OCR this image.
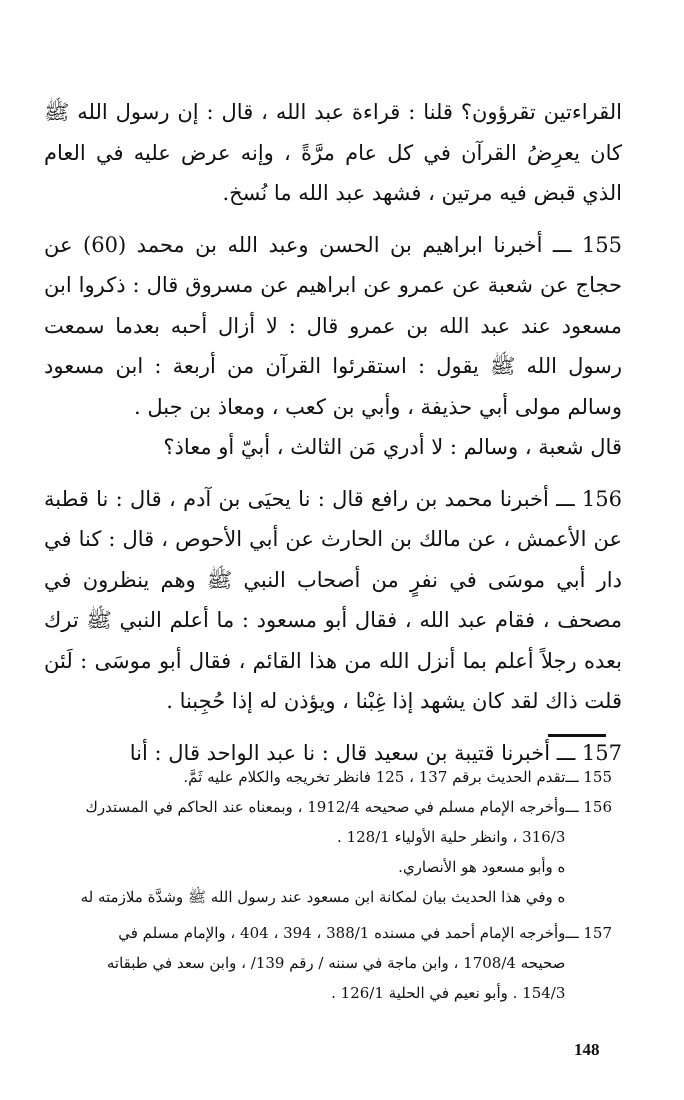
القراءتين تقرؤون؟ قلنا : قراءة عبد الله ، قال : إن رسول الله ﷺ كان يعرِضُ القرآن في كل عام مرَّةً ، وإنه عرض عليه في العام الذي قبض فيه مرتين ، فشهد عبد الله ما نُسخ.

155 ـــ أخبرنا ابراهيم بن الحسن وعبد الله بن محمد (60) عن حجاج عن شعبة عن عمرو عن ابراهيم عن مسروق قال : ذكروا ابن مسعود عند عبد الله بن عمرو قال : لا أزال أحبه بعدما سمعت رسول الله ﷺ يقول : استقرئوا القرآن من أربعة : ابن مسعود وسالم مولى أبي حذيفة ، وأبي بن كعب ، ومعاذ بن جبل .

قال شعبة ، وسالم : لا أدري مَن الثالث ، أبيّ أو معاذ؟

156 ـــ أخبرنا محمد بن رافع قال : نا يحيَى بن آدم ، قال : نا قطبة عن الأعمش ، عن مالك بن الحارث عن أبي الأحوص ، قال : كنا في دار أبي موسَى في نفرٍ من أصحاب النبي ﷺ وهم ينظرون في مصحف ، فقام عبد الله ، فقال أبو مسعود : ما أعلم النبي ﷺ ترك بعده رجلاً أعلم بما أنزل الله من هذا القائم ، فقال أبو موسَى : لَئن قلت ذاك لقد كان يشهد إذا غِبْنا ، ويؤذن له إذا حُجِبنا .

157 ـــ أخبرنا قتيبة بن سعيد قال : نا عبد الواحد قال : أنا

155 ـــ
تقدم الحديث برقم 137 ، 125 فانظر تخريجه والكلام عليه ثَمَّ.
156 ـــ
وأخرجه الإمام مسلم في صحيحه 1912/4 ، وبمعناه عند الحاكم في المستدرك
316/3 ، وانظر حلية الأولياء 128/1 .
ه وأبو مسعود هو الأنصاري.
ه وفي هذا الحديث بيان لمكانة ابن مسعود عند رسول الله ﷺ وشدَّة ملازمته له
157 ـــ
وأخرجه الإمام أحمد في مسنده 388/1 ، 394 ، 404 ، والإمام مسلم في
صحيحه 1708/4 ، وابن ماجة في سننه / رقم 139/ ، وابن سعد في طبقاته
154/3 . وأبو نعيم في الحلية 126/1 .
148
